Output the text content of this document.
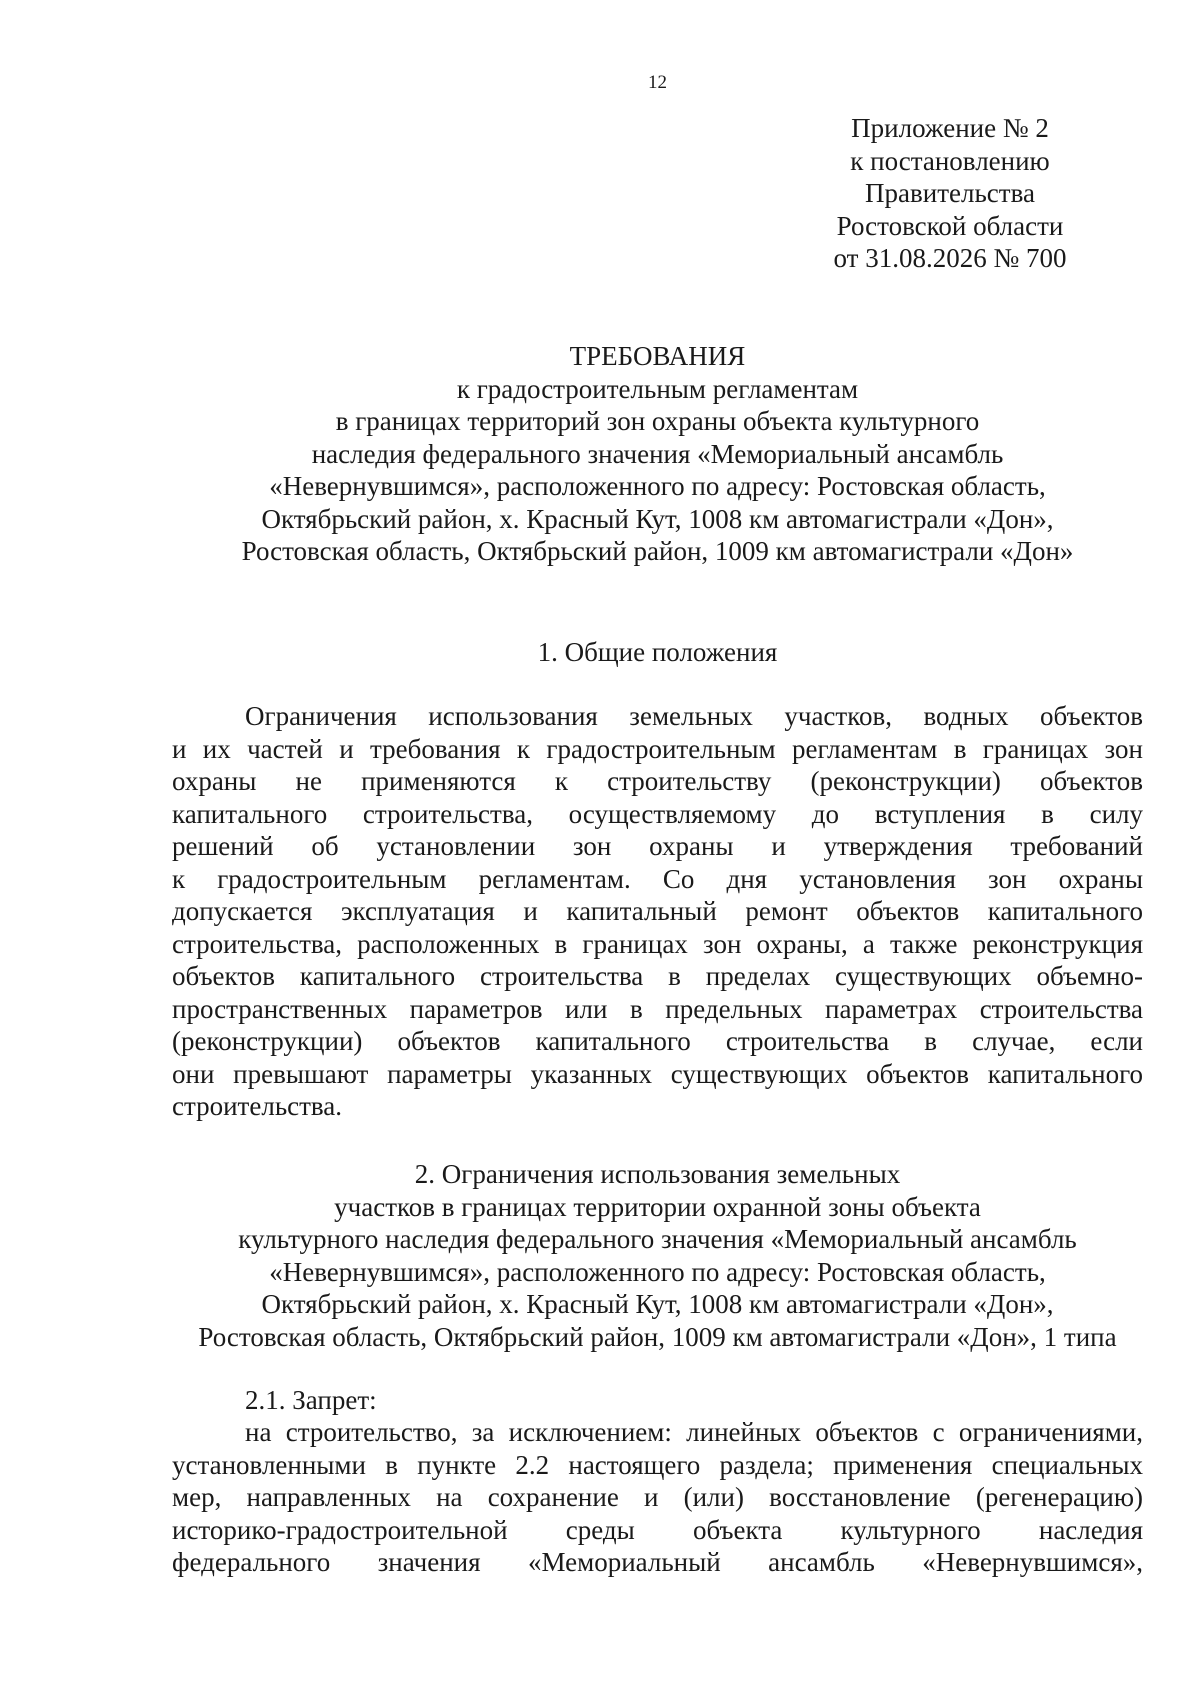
12
Приложение № 2
к постановлению
Правительства
Ростовской области
от 31.08.2026 № 700
ТРЕБОВАНИЯ
к градостроительным регламентам
в границах территорий зон охраны объекта культурного
наследия федерального значения «Мемориальный ансамбль
«Невернувшимся», расположенного по адресу: Ростовская область,
Октябрьский район, х. Красный Кут, 1008 км автомагистрали «Дон»,
Ростовская область, Октябрьский район, 1009 км автомагистрали «Дон»
1. Общие положения
Ограничения использования земельных участков, водных объектов
и их частей и требования к градостроительным регламентам в границах зон
охраны не применяются к строительству (реконструкции) объектов
капитального строительства, осуществляемому до вступления в силу
решений об установлении зон охраны и утверждения требований
к градостроительным регламентам. Со дня установления зон охраны
допускается эксплуатация и капитальный ремонт объектов капитального
строительства, расположенных в границах зон охраны, а также реконструкция
объектов капитального строительства в пределах существующих объемно-
пространственных параметров или в предельных параметрах строительства
(реконструкции) объектов капитального строительства в случае, если
они превышают параметры указанных существующих объектов капитального
строительства.
2. Ограничения использования земельных
участков в границах территории охранной зоны объекта
культурного наследия федерального значения «Мемориальный ансамбль
«Невернувшимся», расположенного по адресу: Ростовская область,
Октябрьский район, х. Красный Кут, 1008 км автомагистрали «Дон»,
Ростовская область, Октябрьский район, 1009 км автомагистрали «Дон», 1 типа
2.1. Запрет:
на строительство, за исключением: линейных объектов с ограничениями,
установленными в пункте 2.2 настоящего раздела; применения специальных
мер, направленных на сохранение и (или) восстановление (регенерацию)
историко-градостроительной среды объекта культурного наследия
федерального значения «Мемориальный ансамбль «Невернувшимся»,
